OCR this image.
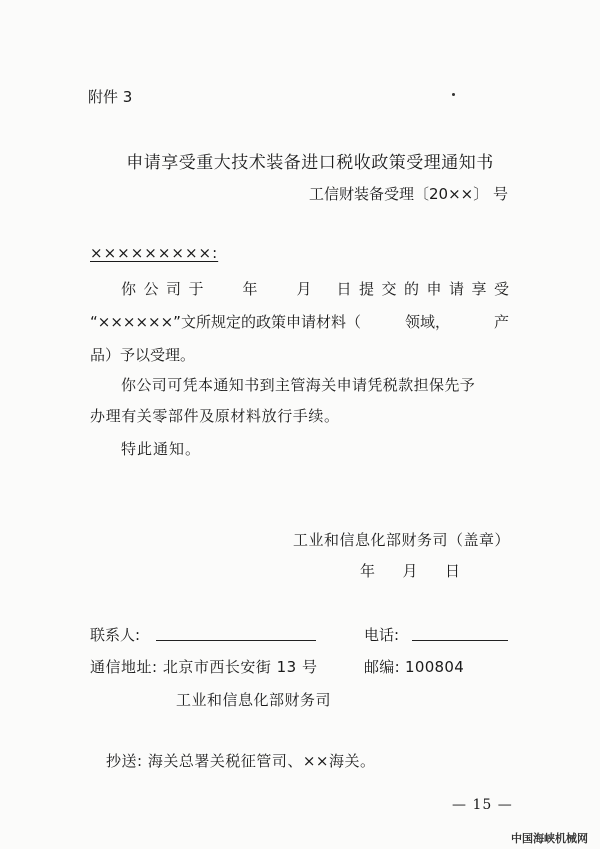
附件 3
申请享受重大技术装备进口税收政策受理通知书
工信财装备受理〔20××〕 号
×××××××××:
你 公 司 于	年	月 日 提 交 的 申 请 享 受
“××××××”文所规定的政策申请材料（	领域，	产
品）予以受理。
你公司可凭本通知书到主管海关申请凭税款担保先予
办理有关零部件及原材料放行手续。
特此通知。
工业和信息化部财务司（盖章）
年 月 日
联系人:	电话:
通信地址: 北京市西长安街 13 号	邮编: 100804
工业和信息化部财务司
抄送: 海关总署关税征管司、××海关。
— 15 —
中国海峡机械网
